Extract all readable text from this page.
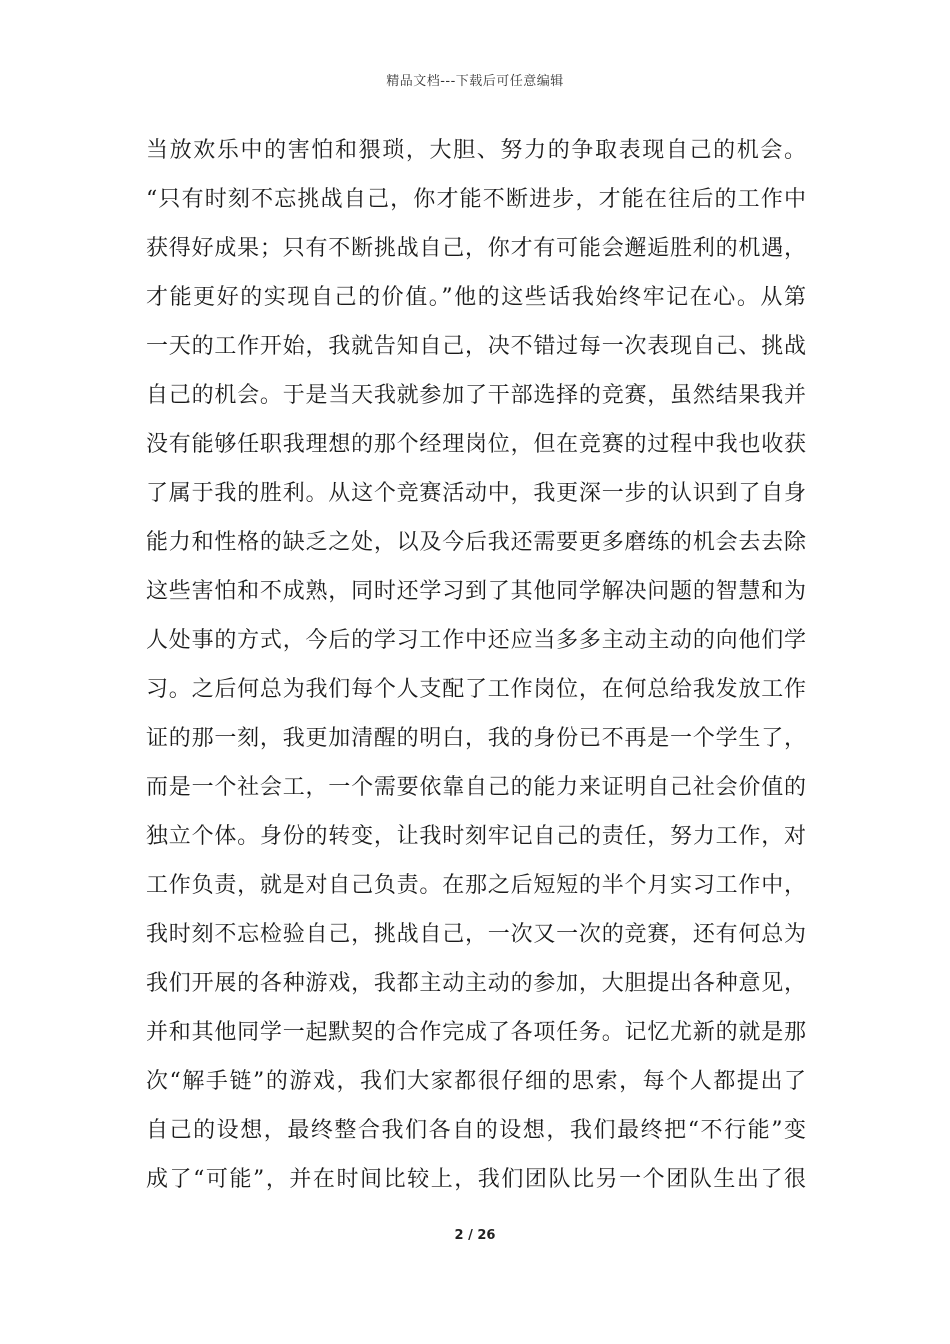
精品文档---下载后可任意编辑
当放欢乐中的害怕和猥琐，大胆、努力的争取表现自己的机会。
“只有时刻不忘挑战自己，你才能不断进步，才能在往后的工作中
获得好成果；只有不断挑战自己，你才有可能会邂逅胜利的机遇，
才能更好的实现自己的价值。”他的这些话我始终牢记在心。从第
一天的工作开始，我就告知自己，决不错过每一次表现自己、挑战
自己的机会。于是当天我就参加了干部选择的竞赛，虽然结果我并
没有能够任职我理想的那个经理岗位，但在竞赛的过程中我也收获
了属于我的胜利。从这个竞赛活动中，我更深一步的认识到了自身
能力和性格的缺乏之处，以及今后我还需要更多磨练的机会去去除
这些害怕和不成熟，同时还学习到了其他同学解决问题的智慧和为
人处事的方式，今后的学习工作中还应当多多主动主动的向他们学
习。之后何总为我们每个人支配了工作岗位，在何总给我发放工作
证的那一刻，我更加清醒的明白，我的身份已不再是一个学生了，
而是一个社会工，一个需要依靠自己的能力来证明自己社会价值的
独立个体。身份的转变，让我时刻牢记自己的责任，努力工作，对
工作负责，就是对自己负责。在那之后短短的半个月实习工作中，
我时刻不忘检验自己，挑战自己，一次又一次的竞赛，还有何总为
我们开展的各种游戏，我都主动主动的参加，大胆提出各种意见，
并和其他同学一起默契的合作完成了各项任务。记忆尤新的就是那
次“解手链”的游戏，我们大家都很仔细的思索，每个人都提出了
自己的设想，最终整合我们各自的设想，我们最终把“不行能”变
成了“可能”，并在时间比较上，我们团队比另一个团队生出了很
2 / 26
